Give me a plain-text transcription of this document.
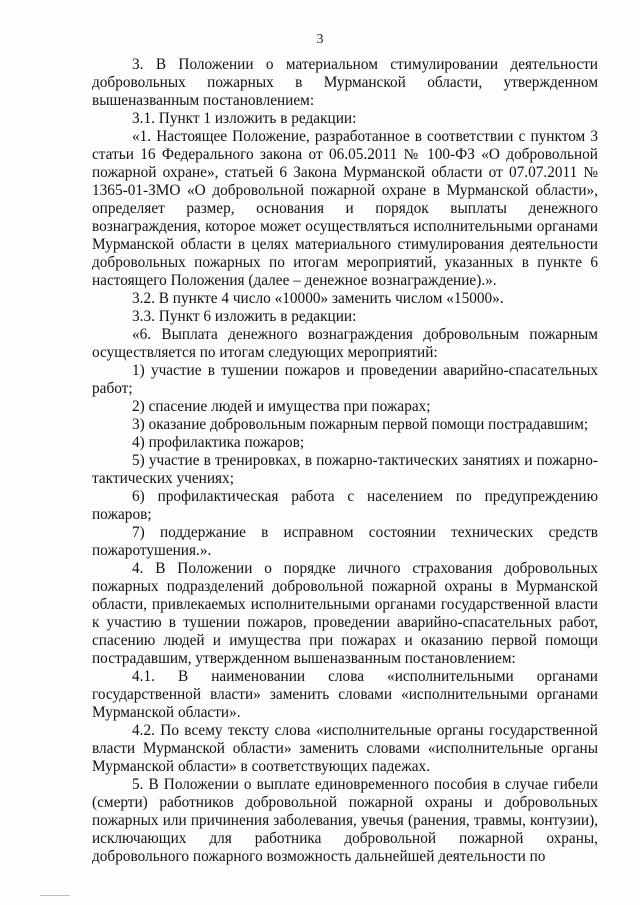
3

3. В Положении о материальном стимулировании деятельности добровольных пожарных в Мурманской области, утвержденном вышеназванным постановлением:

3.1. Пункт 1 изложить в редакции:

«1. Настоящее Положение, разработанное в соответствии с пунктом 3 статьи 16 Федерального закона от 06.05.2011 № 100-ФЗ «О добровольной пожарной охране», статьей 6 Закона Мурманской области от 07.07.2011 № 1365-01-ЗМО «О добровольной пожарной охране в Мурманской области», определяет размер, основания и порядок выплаты денежного вознаграждения, которое может осуществляться исполнительными органами Мурманской области в целях материального стимулирования деятельности добровольных пожарных по итогам мероприятий, указанных в пункте 6 настоящего Положения (далее – денежное вознаграждение).».

3.2. В пункте 4 число «10000» заменить числом «15000».

3.3. Пункт 6 изложить в редакции:

«6. Выплата денежного вознаграждения добровольным пожарным осуществляется по итогам следующих мероприятий:

1) участие в тушении пожаров и проведении аварийно-спасательных работ;

2) спасение людей и имущества при пожарах;

3) оказание добровольным пожарным первой помощи пострадавшим;

4) профилактика пожаров;

5) участие в тренировках, в пожарно-тактических занятиях и пожарно-тактических учениях;

6) профилактическая работа с населением по предупреждению пожаров;

7) поддержание в исправном состоянии технических средств пожаротушения.».

4. В Положении о порядке личного страхования добровольных пожарных подразделений добровольной пожарной охраны в Мурманской области, привлекаемых исполнительными органами государственной власти к участию в тушении пожаров, проведении аварийно-спасательных работ, спасению людей и имущества при пожарах и оказанию первой помощи пострадавшим, утвержденном вышеназванным постановлением:

4.1. В наименовании слова «исполнительными органами государственной власти» заменить словами «исполнительными органами Мурманской области».

4.2. По всему тексту слова «исполнительные органы государственной власти Мурманской области» заменить словами «исполнительные органы Мурманской области» в соответствующих падежах.

5. В Положении о выплате единовременного пособия в случае гибели (смерти) работников добровольной пожарной охраны и добровольных пожарных или причинения заболевания, увечья (ранения, травмы, контузии), исключающих для работника добровольной пожарной охраны, добровольного пожарного возможность дальнейшей деятельности по
